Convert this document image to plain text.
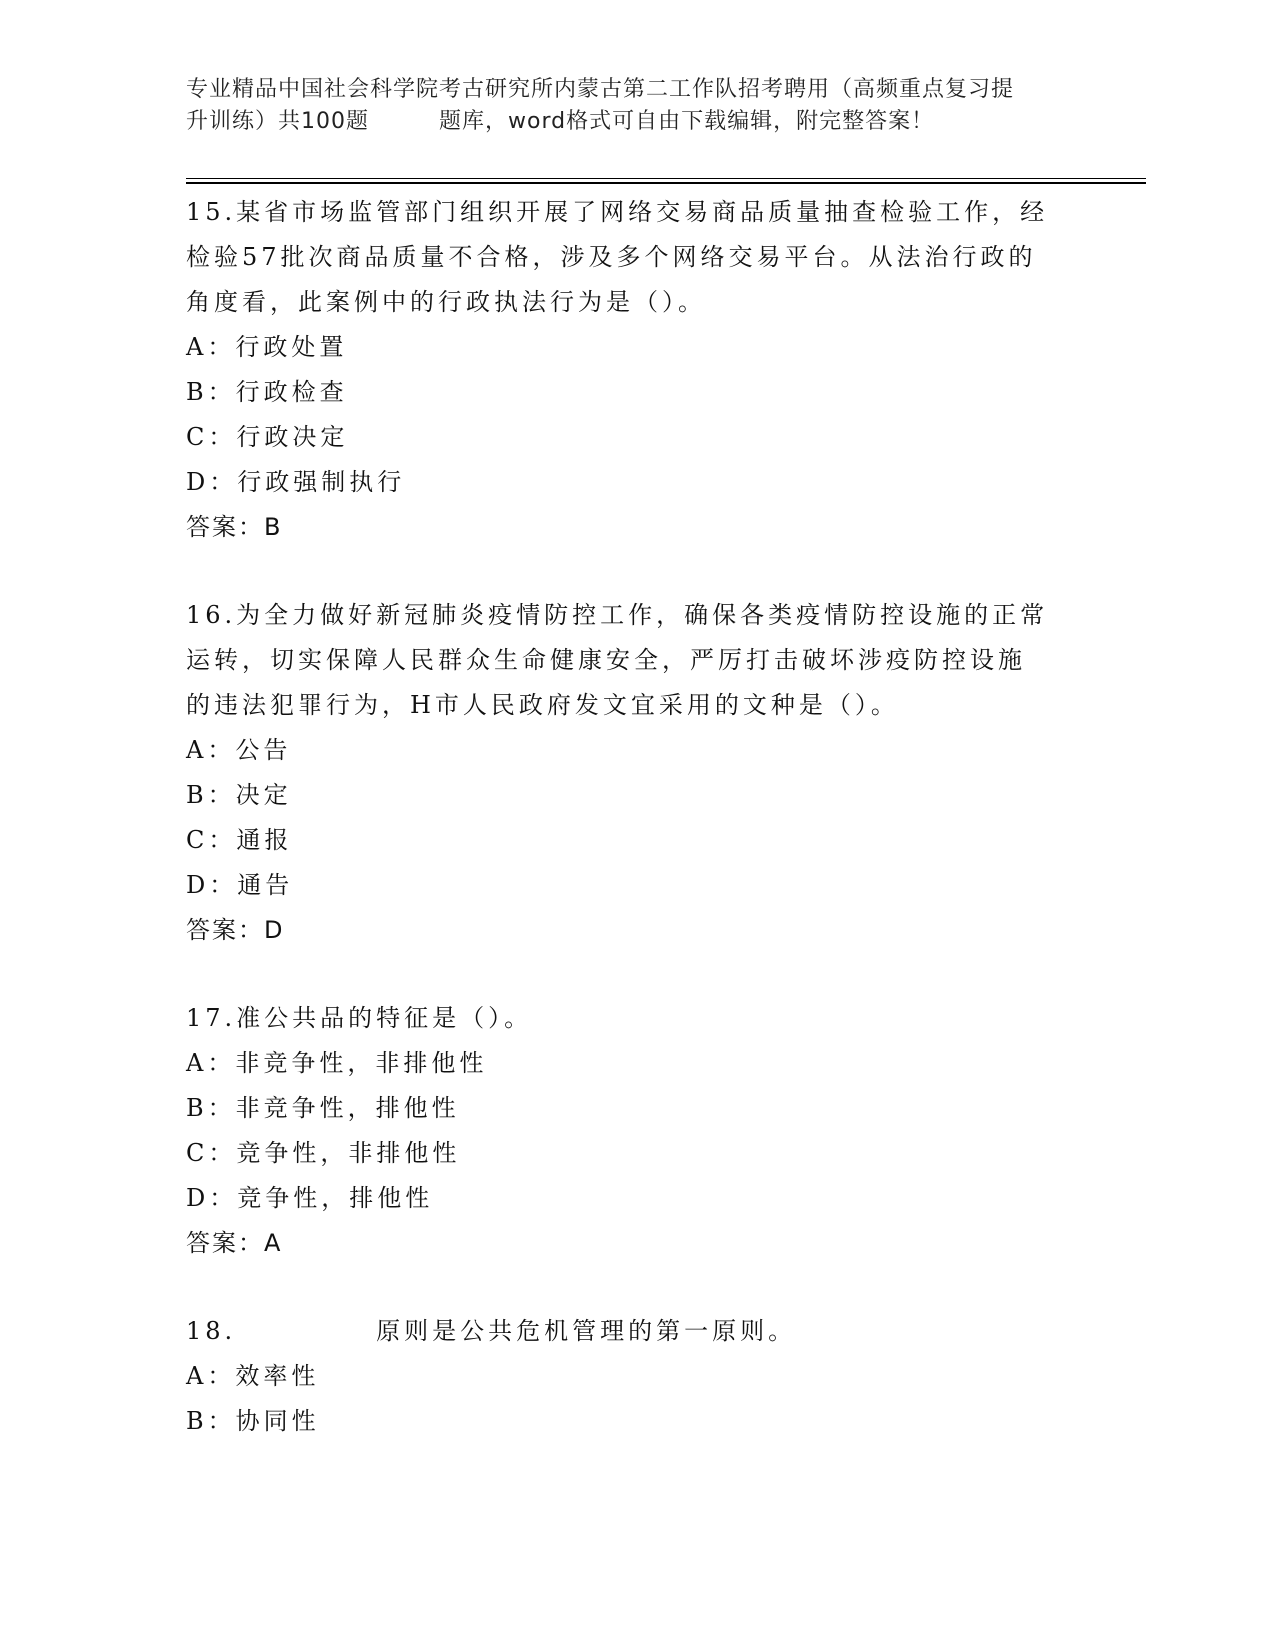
专业精品中国社会科学院考古研究所内蒙古第二工作队招考聘用（高频重点复习提
升训练）共100题	题库，word格式可自由下载编辑，附完整答案！
15.某省市场监管部门组织开展了网络交易商品质量抽查检验工作，经
检验57批次商品质量不合格，涉及多个网络交易平台。从法治行政的
角度看，此案例中的行政执法行为是（）。
A：行政处置
B：行政检查
C：行政决定
D：行政强制执行
答案：B
16.为全力做好新冠肺炎疫情防控工作，确保各类疫情防控设施的正常
运转，切实保障人民群众生命健康安全，严厉打击破坏涉疫防控设施
的违法犯罪行为，H市人民政府发文宜采用的文种是（）。
A：公告
B：决定
C：通报
D：通告
答案：D
17.准公共品的特征是（）。
A：非竞争性，非排他性
B：非竞争性，排他性
C：竞争性，非排他性
D：竞争性，排他性
答案：A
18.	原则是公共危机管理的第一原则。
A：效率性
B：协同性
